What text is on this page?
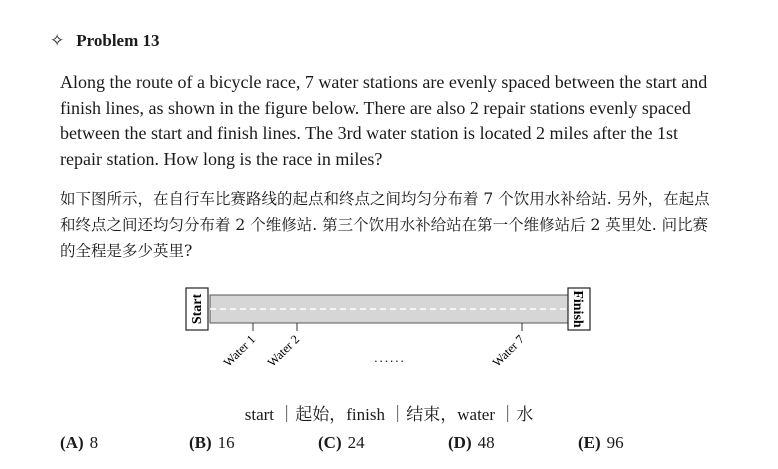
✧ Problem 13

Along the route of a bicycle race, 7 water stations are evenly spaced between the start and finish lines, as shown in the figure below. There are also 2 repair stations evenly spaced between the start and finish lines. The 3rd water station is located 2 miles after the 1st repair station. How long is the race in miles?

如下图所示，在自行车比赛路线的起点和终点之间均匀分布着 7 个饮用水补给站. 另外，在起点和终点之间还均匀分布着 2 个维修站. 第三个饮用水补给站在第一个维修站后 2 英里处. 问比赛的全程是多少英里?

Start	Finish
Water 1 Water 2	Water 7
......
start ｜起始，finish ｜结束，water ｜水
(A) 8	(B) 16	(C) 24	(D) 48	(E) 96
